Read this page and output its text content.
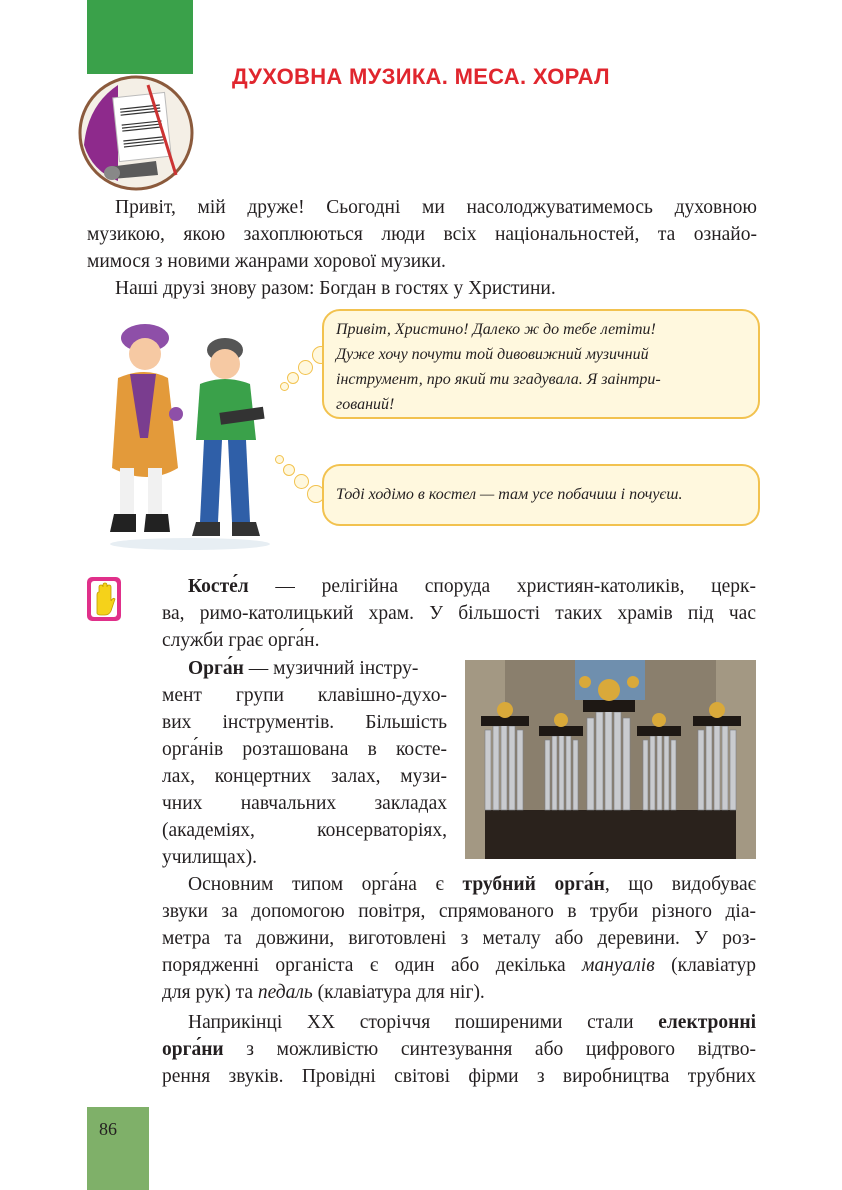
ДУХОВНА МУЗИКА. МЕСА. ХОРАЛ

Привіт, мій друже! Сьогодні ми насолоджуватимемось духовною

музикою, якою захоплюються люди всіх національностей, та ознайо-

мимося з новими жанрами хорової музики.

Наші друзі знову разом: Богдан в гостях у Христини.

Привіт, Христино! Далеко ж до тебе летіти!
Дуже хочу почути той дивовижний музичний
інструмент, про який ти згадувала. Я заінтри-
гований!
Тоді ходімо в костел — там усе побачиш і почуєш.

Косте́л — релігійна споруда християн-католиків, церк-

ва, римо-католицький храм. У більшості таких храмів під час

служби грає орга́н.

Орга́н — музичний інстру-

мент групи клавішно-духо-

вих інструментів. Більшість

орга́нів розташована в косте-

лах, концертних залах, музи-

чних навчальних закладах

(академіях, консерваторіях,

училищах).

Основним типом орга́на є трубний орга́н, що видобуває

звуки за допомогою повітря, спрямованого в труби різного діа-

метра та довжини, виготовлені з металу або деревини. У роз-

порядженні органіста є один або декілька мануалів (клавіатур

для рук) та педаль (клавіатура для ніг).

Наприкінці XX сторіччя поширеними стали електронні

орга́ни з можливістю синтезування або цифрового відтво-

рення звуків. Провідні світові фірми з виробництва трубних

86
